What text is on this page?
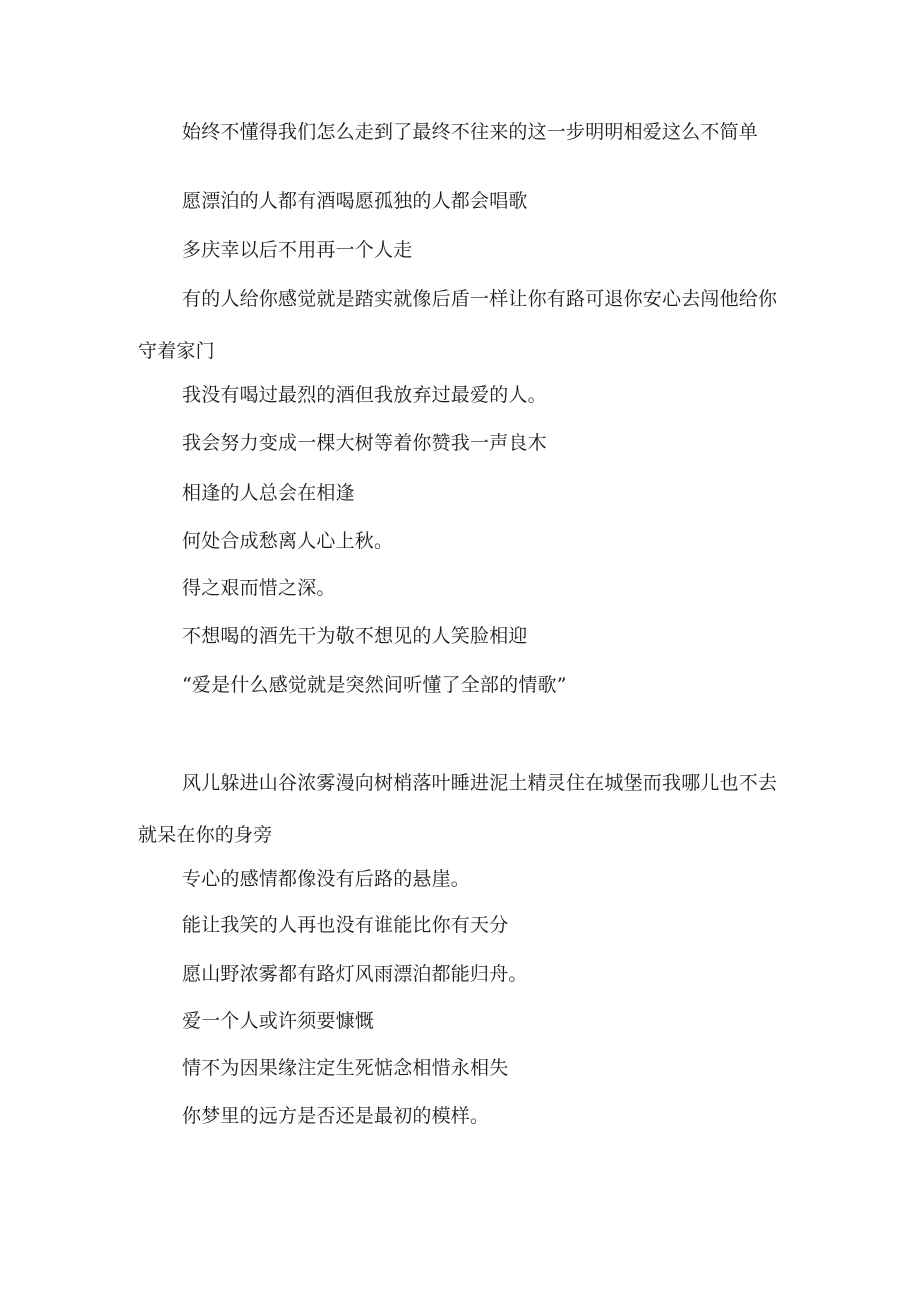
始终不懂得我们怎么走到了最终不往来的这一步明明相爱这么不简单

愿漂泊的人都有酒喝愿孤独的人都会唱歌

多庆幸以后不用再一个人走

有的人给你感觉就是踏实就像后盾一样让你有路可退你安心去闯他给你守着家门

我没有喝过最烈的酒但我放弃过最爱的人。

我会努力变成一棵大树等着你赞我一声良木

相逢的人总会在相逢

何处合成愁离人心上秋。

得之艰而惜之深。

不想喝的酒先干为敬不想见的人笑脸相迎

“爱是什么感觉就是突然间听懂了全部的情歌”

风儿躲进山谷浓雾漫向树梢落叶睡进泥土精灵住在城堡而我哪儿也不去就呆在你的身旁

专心的感情都像没有后路的悬崖。

能让我笑的人再也没有谁能比你有天分

愿山野浓雾都有路灯风雨漂泊都能归舟。

爱一个人或许须要慷慨

情不为因果缘注定生死惦念相惜永相失

你梦里的远方是否还是最初的模样。
